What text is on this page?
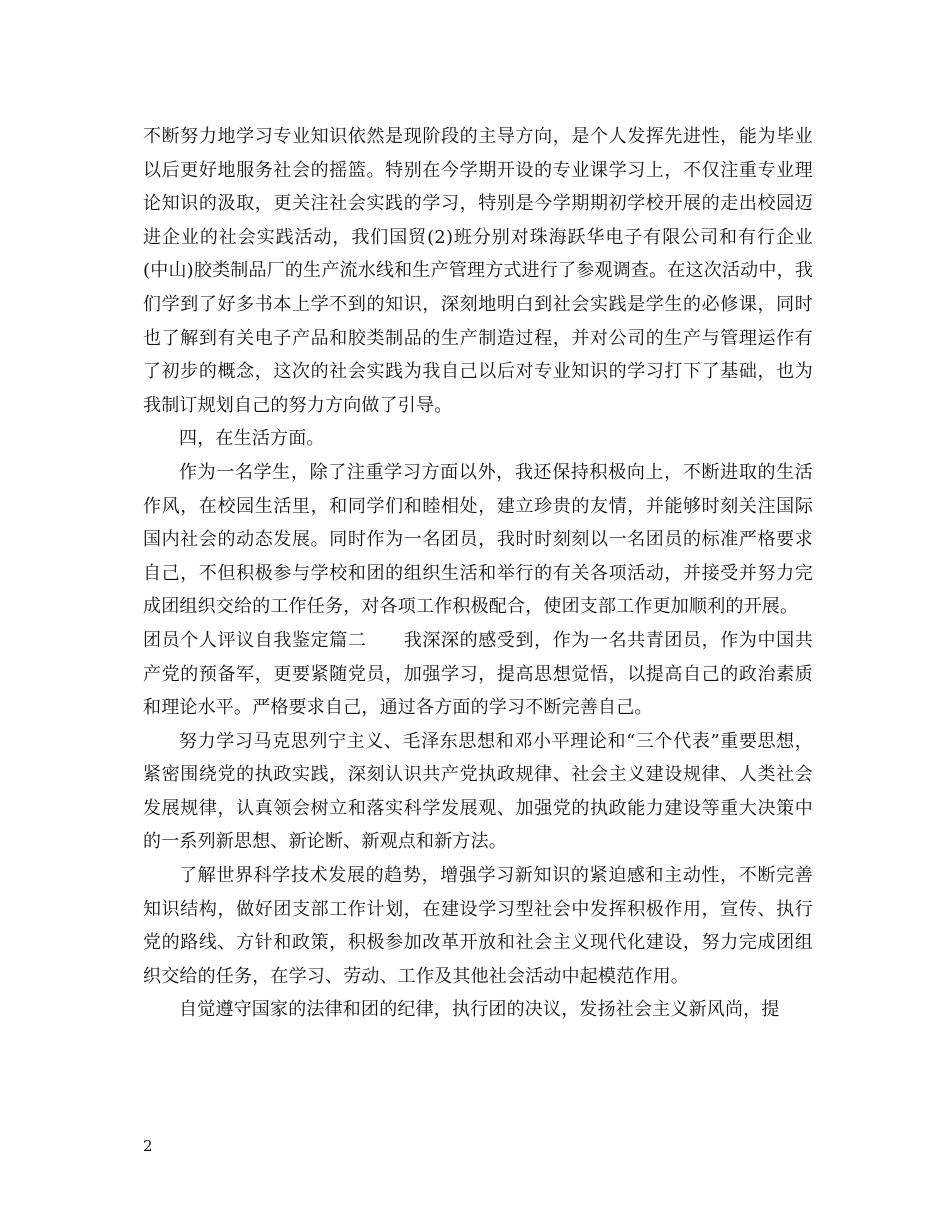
不断努力地学习专业知识依然是现阶段的主导方向，是个人发挥先进性，能为毕业以后更好地服务社会的摇篮。特别在今学期开设的专业课学习上，不仅注重专业理论知识的汲取，更关注社会实践的学习，特别是今学期期初学校开展的走出校园迈进企业的社会实践活动，我们国贸(2)班分别对珠海跃华电子有限公司和有行企业(中山)胶类制品厂的生产流水线和生产管理方式进行了参观调查。在这次活动中，我们学到了好多书本上学不到的知识，深刻地明白到社会实践是学生的必修课，同时也了解到有关电子产品和胶类制品的生产制造过程，并对公司的生产与管理运作有了初步的概念，这次的社会实践为我自己以后对专业知识的学习打下了基础，也为我制订规划自己的努力方向做了引导。

四，在生活方面。

作为一名学生，除了注重学习方面以外，我还保持积极向上，不断进取的生活作风，在校园生活里，和同学们和睦相处，建立珍贵的友情，并能够时刻关注国际国内社会的动态发展。同时作为一名团员，我时时刻刻以一名团员的标准严格要求自己，不但积极参与学校和团的组织生活和举行的有关各项活动，并接受并努力完成团组织交给的工作任务，对各项工作积极配合，使团支部工作更加顺利的开展。

团员个人评议自我鉴定篇二　　我深深的感受到，作为一名共青团员，作为中国共产党的预备军，更要紧随党员，加强学习，提高思想觉悟，以提高自己的政治素质和理论水平。严格要求自己，通过各方面的学习不断完善自己。

努力学习马克思列宁主义、毛泽东思想和邓小平理论和“三个代表”重要思想，紧密围绕党的执政实践，深刻认识共产党执政规律、社会主义建设规律、人类社会发展规律，认真领会树立和落实科学发展观、加强党的执政能力建设等重大决策中的一系列新思想、新论断、新观点和新方法。

了解世界科学技术发展的趋势，增强学习新知识的紧迫感和主动性，不断完善知识结构，做好团支部工作计划，在建设学习型社会中发挥积极作用，宣传、执行党的路线、方针和政策，积极参加改革开放和社会主义现代化建设，努力完成团组织交给的任务，在学习、劳动、工作及其他社会活动中起模范作用。

自觉遵守国家的法律和团的纪律，执行团的决议，发扬社会主义新风尚，提

2
